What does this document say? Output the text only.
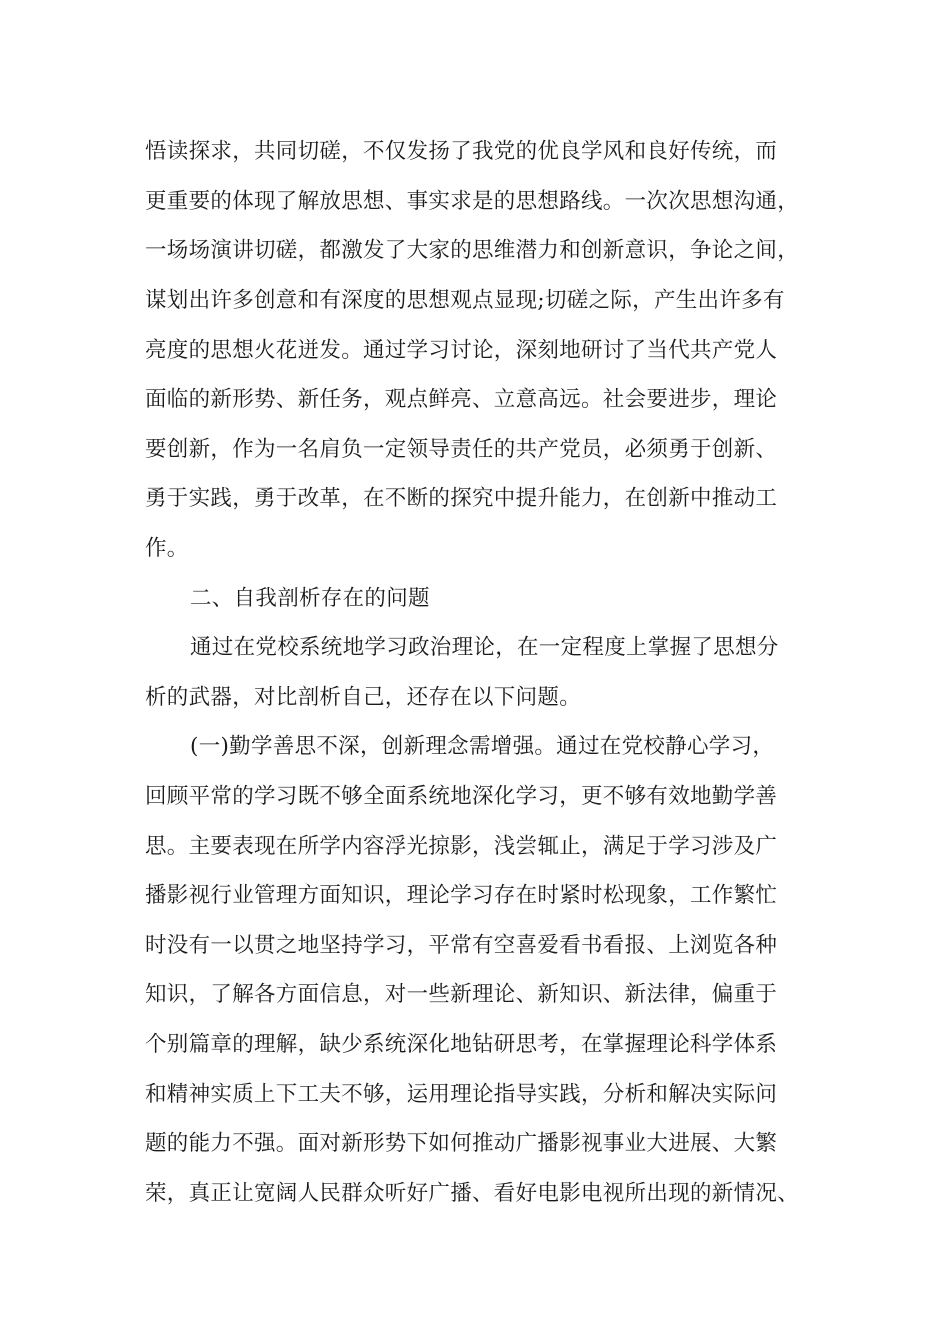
悟读探求，共同切磋，不仅发扬了我党的优良学风和良好传统，而
更重要的体现了解放思想、事实求是的思想路线。一次次思想沟通，
一场场演讲切磋，都激发了大家的思维潜力和创新意识，争论之间，
谋划出许多创意和有深度的思想观点显现;切磋之际，产生出许多有
亮度的思想火花迸发。通过学习讨论，深刻地研讨了当代共产党人
面临的新形势、新任务，观点鲜亮、立意高远。社会要进步，理论
要创新，作为一名肩负一定领导责任的共产党员，必须勇于创新、
勇于实践，勇于改革，在不断的探究中提升能力，在创新中推动工
作。
二、自我剖析存在的问题
通过在党校系统地学习政治理论，在一定程度上掌握了思想分
析的武器，对比剖析自己，还存在以下问题。
(一)勤学善思不深，创新理念需增强。通过在党校静心学习，
回顾平常的学习既不够全面系统地深化学习，更不够有效地勤学善
思。主要表现在所学内容浮光掠影，浅尝辄止，满足于学习涉及广
播影视行业管理方面知识，理论学习存在时紧时松现象，工作繁忙
时没有一以贯之地坚持学习，平常有空喜爱看书看报、上浏览各种
知识，了解各方面信息，对一些新理论、新知识、新法律，偏重于
个别篇章的理解，缺少系统深化地钻研思考，在掌握理论科学体系
和精神实质上下工夫不够，运用理论指导实践，分析和解决实际问
题的能力不强。面对新形势下如何推动广播影视事业大进展、大繁
荣，真正让宽阔人民群众听好广播、看好电影电视所出现的新情况、
